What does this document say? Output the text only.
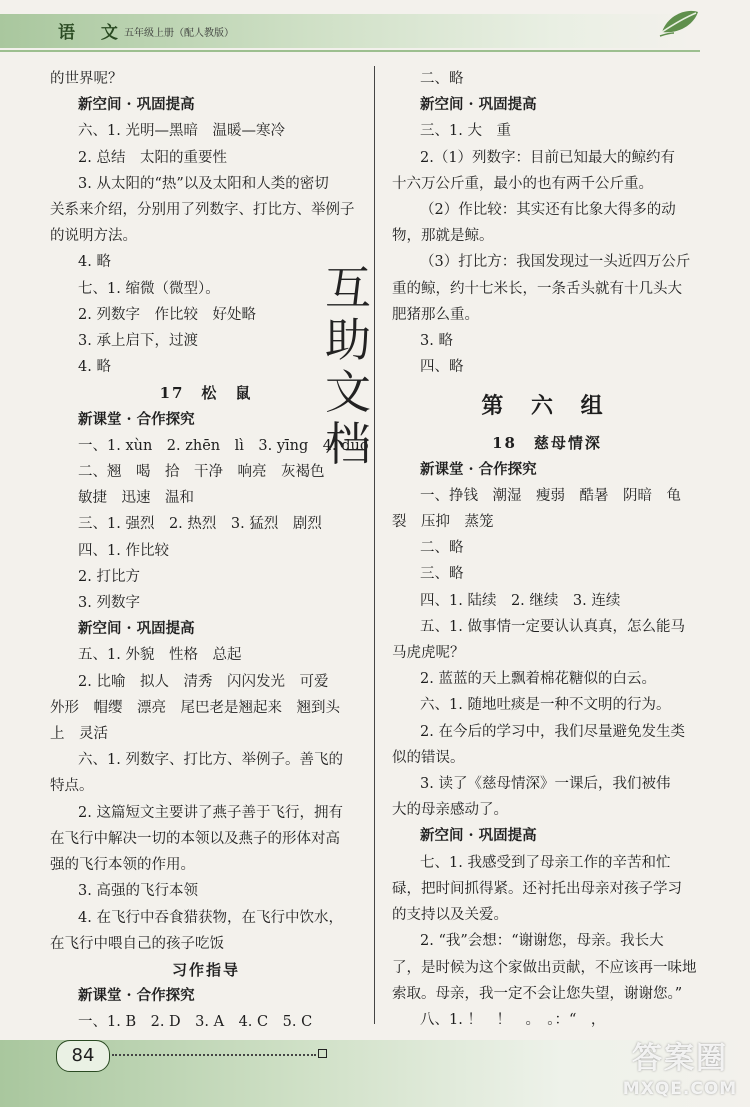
语 文
五年级上册（配人教版）
的世界呢？
新空间 · 巩固提高
六、1. 光明—黑暗　温暖—寒冷
2. 总结　太阳的重要性
3. 从太阳的“热”以及太阳和人类的密切
关系来介绍，分别用了列数字、打比方、举例子
的说明方法。
4. 略
七、1. 缩微（微型）。
2. 列数字　作比较　好处略
3. 承上启下，过渡
4. 略
17　松　鼠
新课堂 · 合作探究
一、1. xùn　2. zhēn　lì　3. yīng　4. duó
二、翘　喝　拾　干净　响亮　灰褐色
敏捷　迅速　温和
三、1. 强烈　2. 热烈　3. 猛烈　剧烈
四、1. 作比较
2. 打比方
3. 列数字
新空间 · 巩固提高
五、1. 外貌　性格　总起
2. 比喻　拟人　清秀　闪闪发光　可爱
外形　帽缨　漂亮　尾巴老是翘起来　翘到头
上　灵活
六、1. 列数字、打比方、举例子。善飞的
特点。
2. 这篇短文主要讲了燕子善于飞行，拥有
在飞行中解决一切的本领以及燕子的形体对高
强的飞行本领的作用。
3. 高强的飞行本领
4. 在飞行中吞食猎获物，在飞行中饮水，
在飞行中喂自己的孩子吃饭
习作指导
新课堂 · 合作探究
一、1. B　2. D　3. A　4. C　5. C
二、略
新空间 · 巩固提高
三、1. 大　重
2.（1）列数字：目前已知最大的鲸约有
十六万公斤重，最小的也有两千公斤重。
（2）作比较：其实还有比象大得多的动
物，那就是鲸。
（3）打比方：我国发现过一头近四万公斤
重的鲸，约十七米长，一条舌头就有十几头大
肥猪那么重。
3. 略
四、略
第 六 组
18　慈母情深
新课堂 · 合作探究
一、挣钱　潮湿　瘦弱　酷暑　阴暗　龟
裂　压抑　蒸笼
二、略
三、略
四、1. 陆续　2. 继续　3. 连续
五、1. 做事情一定要认认真真，怎么能马
马虎虎呢？
2. 蓝蓝的天上飘着棉花糖似的白云。
六、1. 随地吐痰是一种不文明的行为。
2. 在今后的学习中，我们尽量避免发生类
似的错误。
3. 读了《慈母情深》一课后，我们被伟
大的母亲感动了。
新空间 · 巩固提高
七、1. 我感受到了母亲工作的辛苦和忙
碌，把时间抓得紧。还衬托出母亲对孩子学习
的支持以及关爱。
2. “我”会想：“谢谢您，母亲。我长大
了，是时候为这个家做出贡献，不应该再一味地
索取。母亲，我一定不会让您失望，谢谢您。”
八、1. ！　！　。　。：“　，
互
助
文
档
84	答案圈
MXQE.COM
